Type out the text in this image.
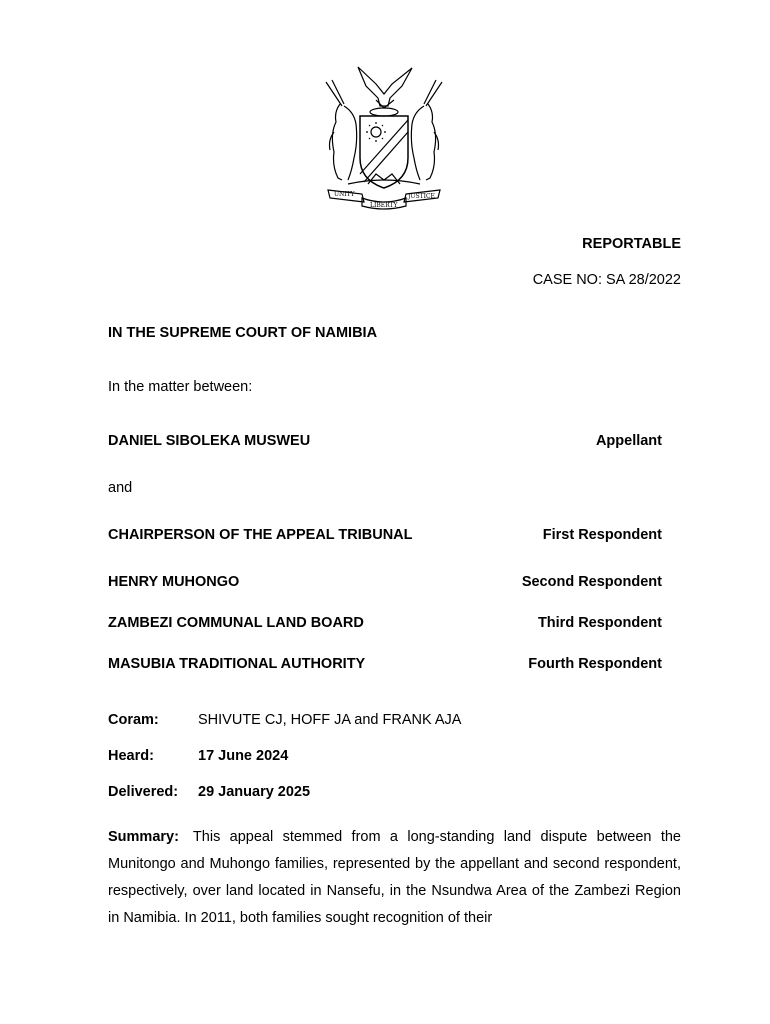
UNITY
LIBERTY
JUSTICE
REPORTABLE
CASE NO: SA 28/2022
IN THE SUPREME COURT OF NAMIBIA
In the matter between:
DANIEL SIBOLEKA MUSWEU	Appellant
and
CHAIRPERSON OF THE APPEAL TRIBUNAL	First Respondent
HENRY MUHONGO	Second Respondent
ZAMBEZI COMMUNAL LAND BOARD	Third Respondent
MASUBIA TRADITIONAL AUTHORITY	Fourth Respondent
Coram:	SHIVUTE CJ, HOFF JA and FRANK AJA
Heard:	17 June 2024
Delivered: 29 January 2025
Summary: This appeal stemmed from a long-standing land dispute between the Munitongo and Muhongo families, represented by the appellant and second respondent, respectively, over land located in Nansefu, in the Nsundwa Area of the Zambezi Region in Namibia. In 2011, both families sought recognition of their
